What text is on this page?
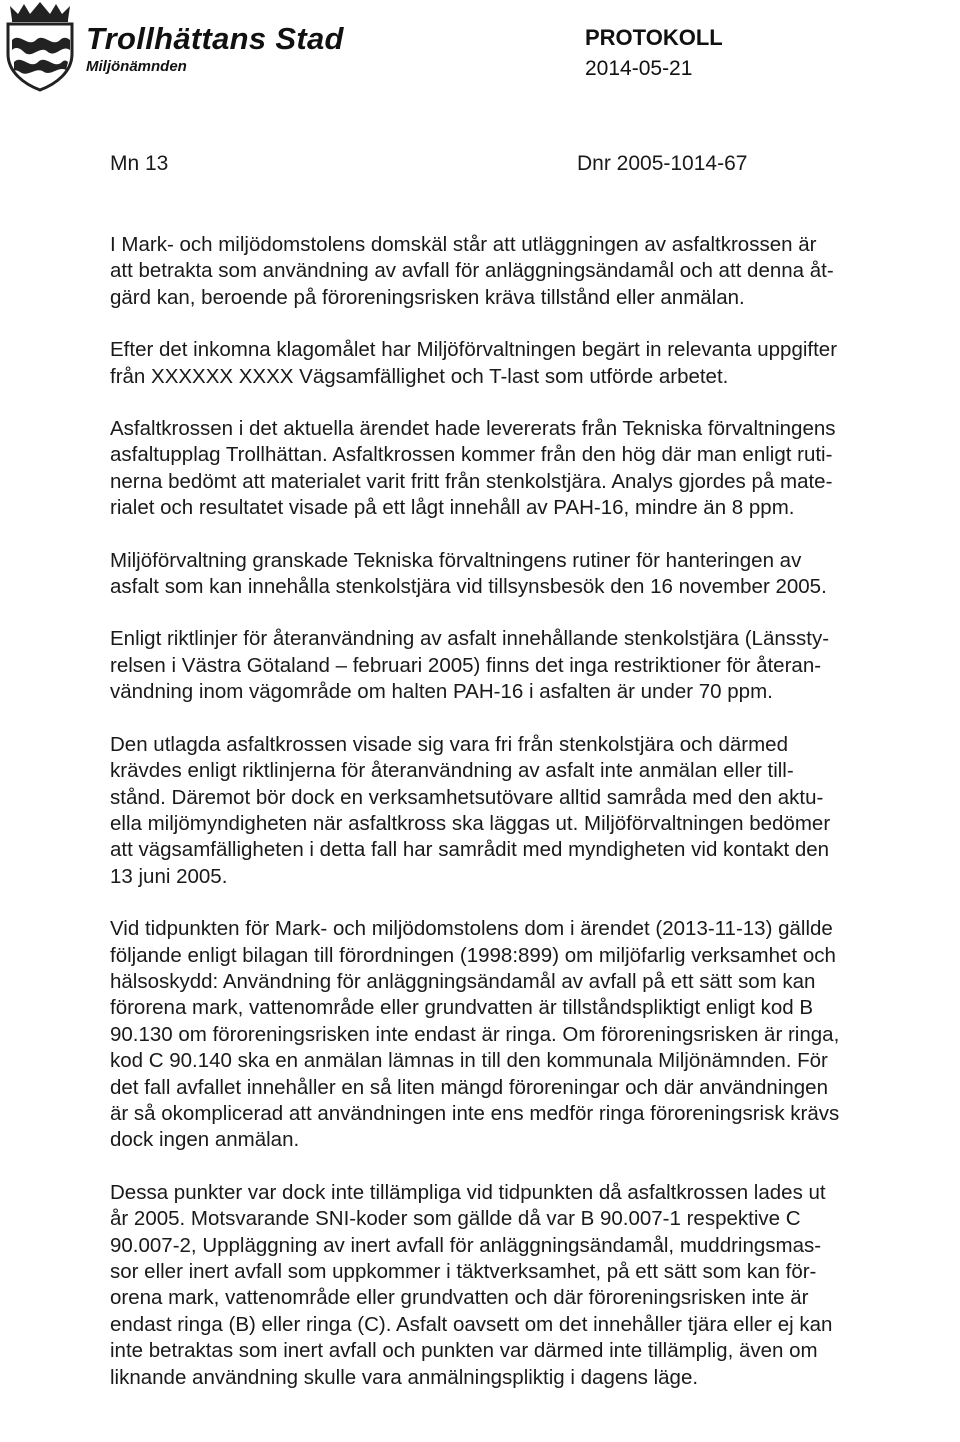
Trollhättans Stad
Miljönämnden
PROTOKOLL
2014-05-21
Mn 13	Dnr 2005-1014-67
I Mark- och miljödomstolens domskäl står att utläggningen av asfaltkrossen är
att betrakta som användning av avfall för anläggningsändamål och att denna åt-
gärd kan, beroende på föroreningsrisken kräva tillstånd eller anmälan.
Efter det inkomna klagomålet har Miljöförvaltningen begärt in relevanta uppgifter
från XXXXXX XXXX Vägsamfällighet och T-last som utförde arbetet.
Asfaltkrossen i det aktuella ärendet hade levererats från Tekniska förvaltningens
asfaltupplag Trollhättan. Asfaltkrossen kommer från den hög där man enligt ruti-
nerna bedömt att materialet varit fritt från stenkolstjära. Analys gjordes på mate-
rialet och resultatet visade på ett lågt innehåll av PAH-16, mindre än 8 ppm.
Miljöförvaltning granskade Tekniska förvaltningens rutiner för hanteringen av
asfalt som kan innehålla stenkolstjära vid tillsynsbesök den 16 november 2005.
Enligt riktlinjer för återanvändning av asfalt innehållande stenkolstjära (Länssty-
relsen i Västra Götaland – februari 2005) finns det inga restriktioner för återan-
vändning inom vägområde om halten PAH-16 i asfalten är under 70 ppm.
Den utlagda asfaltkrossen visade sig vara fri från stenkolstjära och därmed
krävdes enligt riktlinjerna för återanvändning av asfalt inte anmälan eller till-
stånd. Däremot bör dock en verksamhetsutövare alltid samråda med den aktu-
ella miljömyndigheten när asfaltkross ska läggas ut. Miljöförvaltningen bedömer
att vägsamfälligheten i detta fall har samrådit med myndigheten vid kontakt den
13 juni 2005.
Vid tidpunkten för Mark- och miljödomstolens dom i ärendet (2013-11-13) gällde
följande enligt bilagan till förordningen (1998:899) om miljöfarlig verksamhet och
hälsoskydd: Användning för anläggningsändamål av avfall på ett sätt som kan
förorena mark, vattenområde eller grundvatten är tillståndspliktigt enligt kod B
90.130 om föroreningsrisken inte endast är ringa. Om föroreningsrisken är ringa,
kod C 90.140 ska en anmälan lämnas in till den kommunala Miljönämnden. För
det fall avfallet innehåller en så liten mängd föroreningar och där användningen
är så okomplicerad att användningen inte ens medför ringa föroreningsrisk krävs
dock ingen anmälan.
Dessa punkter var dock inte tillämpliga vid tidpunkten då asfaltkrossen lades ut
år 2005. Motsvarande SNI-koder som gällde då var B 90.007-1 respektive C
90.007-2, Uppläggning av inert avfall för anläggningsändamål, muddringsmas-
sor eller inert avfall som uppkommer i täktverksamhet, på ett sätt som kan för-
orena mark, vattenområde eller grundvatten och där föroreningsrisken inte är
endast ringa (B) eller ringa (C). Asfalt oavsett om det innehåller tjära eller ej kan
inte betraktas som inert avfall och punkten var därmed inte tillämplig, även om
liknande användning skulle vara anmälningspliktig i dagens läge.
